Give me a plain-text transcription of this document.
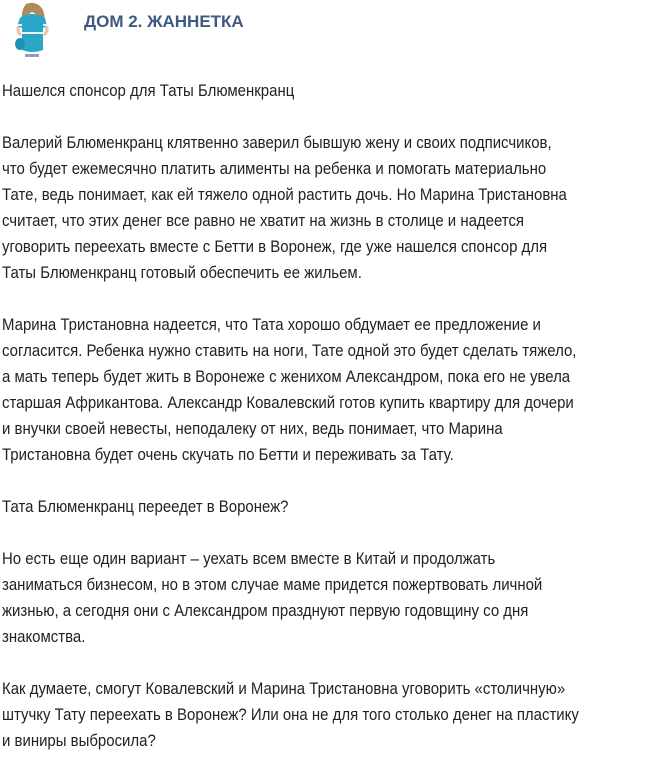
ДОМ 2. ЖАННЕТКА

Нашелся спонсор для Таты Блюменкранц

Валерий Блюменкранц клятвенно заверил бывшую жену и своих подписчиков,
что будет ежемесячно платить алименты на ребенка и помогать материально
Тате, ведь понимает, как ей тяжело одной растить дочь. Но Марина Тристановна
считает, что этих денег все равно не хватит на жизнь в столице и надеется
уговорить переехать вместе с Бетти в Воронеж, где уже нашелся спонсор для
Таты Блюменкранц готовый обеспечить ее жильем.

Марина Тристановна надеется, что Тата хорошо обдумает ее предложение и
согласится. Ребенка нужно ставить на ноги, Тате одной это будет сделать тяжело,
а мать теперь будет жить в Воронеже с женихом Александром, пока его не увела
старшая Африкантова. Александр Ковалевский готов купить квартиру для дочери
и внучки своей невесты, неподалеку от них, ведь понимает, что Марина
Тристановна будет очень скучать по Бетти и переживать за Тату.

Тата Блюменкранц переедет в Воронеж?

Но есть еще один вариант – уехать всем вместе в Китай и продолжать
заниматься бизнесом, но в этом случае маме придется пожертвовать личной
жизнью, а сегодня они с Александром празднуют первую годовщину со дня
знакомства.

Как думаете, смогут Ковалевский и Марина Тристановна уговорить «столичную»
штучку Тату переехать в Воронеж? Или она не для того столько денег на пластику
и виниры выбросила?
